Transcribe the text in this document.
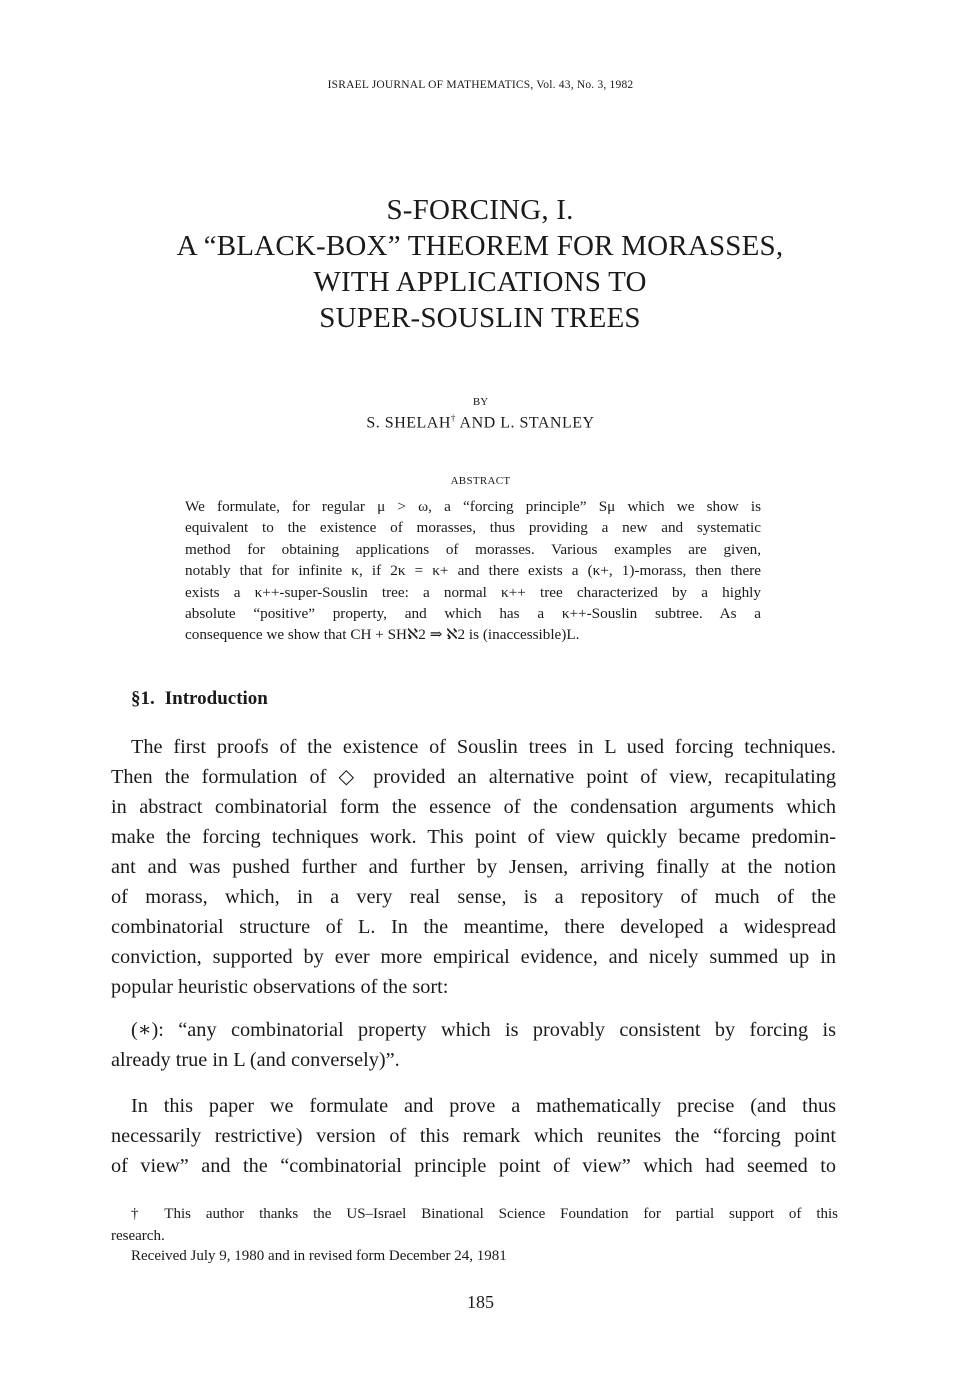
ISRAEL JOURNAL OF MATHEMATICS, Vol. 43, No. 3, 1982
S-FORCING, I.
A “BLACK-BOX” THEOREM FOR MORASSES,
WITH APPLICATIONS TO
SUPER-SOUSLIN TREES
BY
S. SHELAH† AND L. STANLEY
ABSTRACT
We formulate, for regular μ > ω, a “forcing principle” Sμ which we show is
equivalent to the existence of morasses, thus providing a new and systematic
method for obtaining applications of morasses. Various examples are given,
notably that for infinite κ, if 2κ = κ+ and there exists a (κ+, 1)-morass, then there
exists a κ++-super-Souslin tree: a normal κ++ tree characterized by a highly
absolute “positive” property, and which has a κ++-Souslin subtree. As a
consequence we show that CH + SHℵ2 ⇒ ℵ2 is (inaccessible)L.
§1. Introduction
The first proofs of the existence of Souslin trees in L used forcing techniques.
Then the formulation of ◇ provided an alternative point of view, recapitulating
in abstract combinatorial form the essence of the condensation arguments which
make the forcing techniques work. This point of view quickly became predomin-
ant and was pushed further and further by Jensen, arriving finally at the notion
of morass, which, in a very real sense, is a repository of much of the
combinatorial structure of L. In the meantime, there developed a widespread
conviction, supported by ever more empirical evidence, and nicely summed up in
popular heuristic observations of the sort:
(∗): “any combinatorial property which is provably consistent by forcing is
already true in L (and conversely)”.
In this paper we formulate and prove a mathematically precise (and thus
necessarily restrictive) version of this remark which reunites the “forcing point
of view” and the “combinatorial principle point of view” which had seemed to
† This author thanks the US–Israel Binational Science Foundation for partial support of this
research.
Received July 9, 1980 and in revised form December 24, 1981
185
